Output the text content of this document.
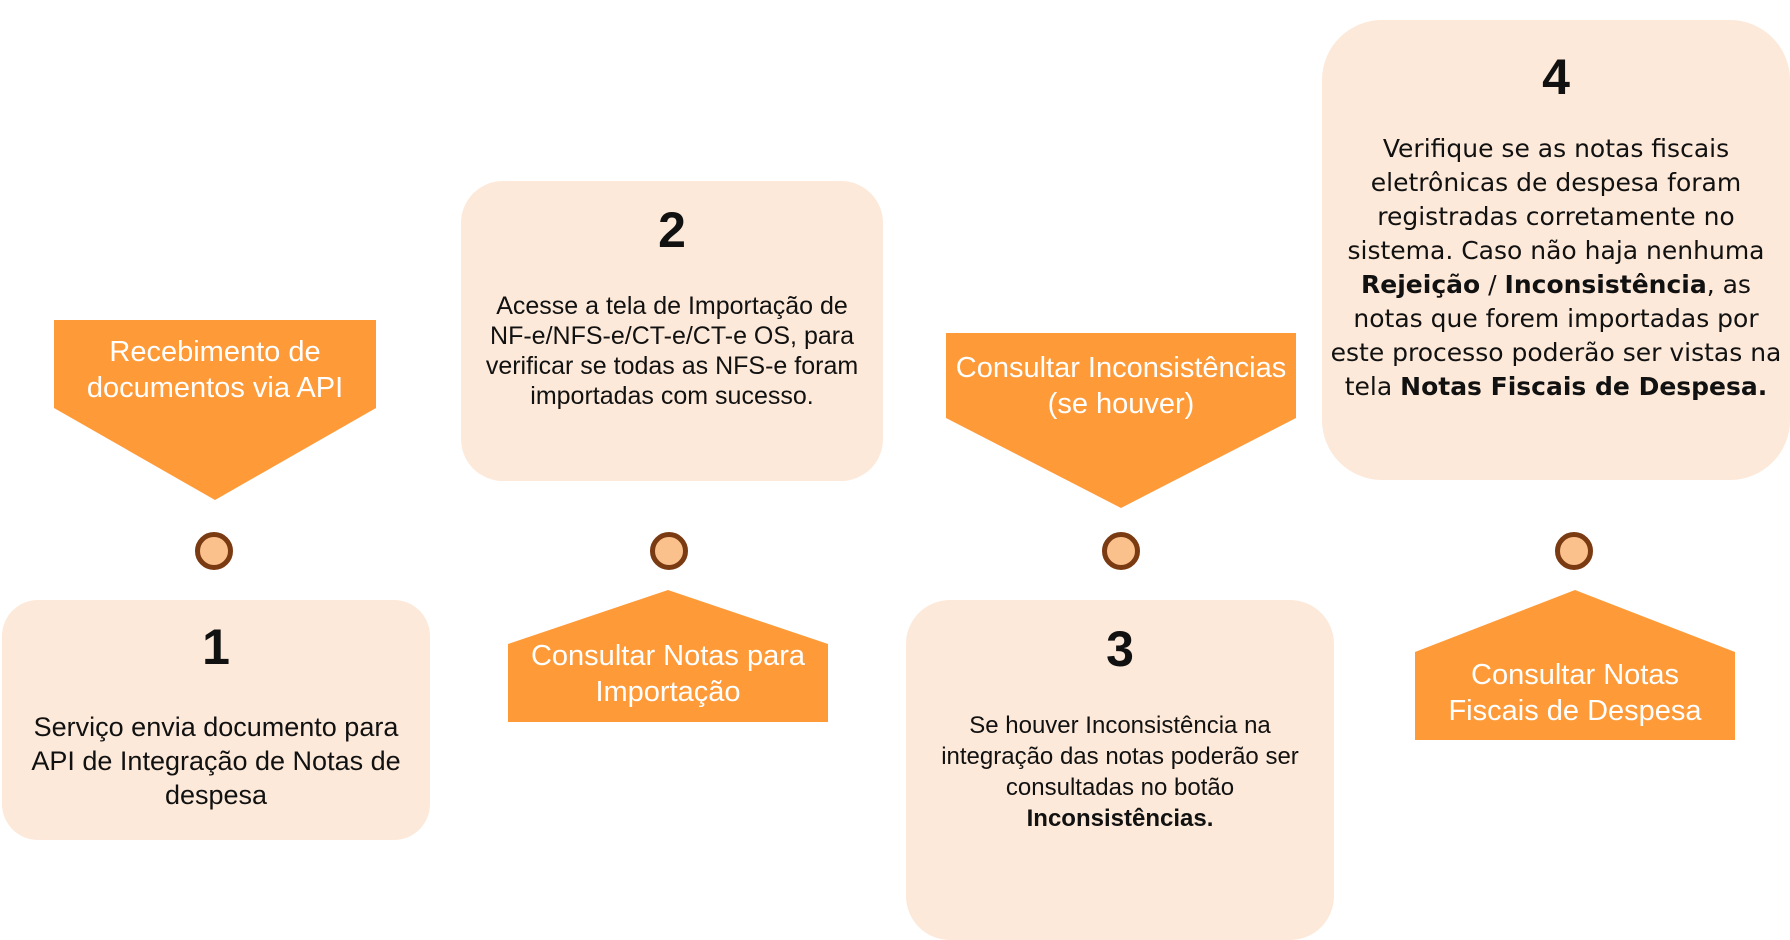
Recebimento de documentos via API
1
Serviço envia documento para API de Integração de Notas de despesa
2
Acesse a tela de Importação de NF-e/NFS-e/CT-e/CT-e OS, para verificar se todas as NFS-e foram importadas com sucesso.
Consultar Notas para Importação
Consultar Inconsistências (se houver)
3
Se houver Inconsistência na integração das notas poderão ser consultadas no botão Inconsistências.
4
Verifique se as notas fiscais eletrônicas de despesa foram registradas corretamente no sistema. Caso não haja nenhuma Rejeição / Inconsistência, as notas que forem importadas por este processo poderão ser vistas na tela Notas Fiscais de Despesa.
Consultar Notas Fiscais de Despesa
